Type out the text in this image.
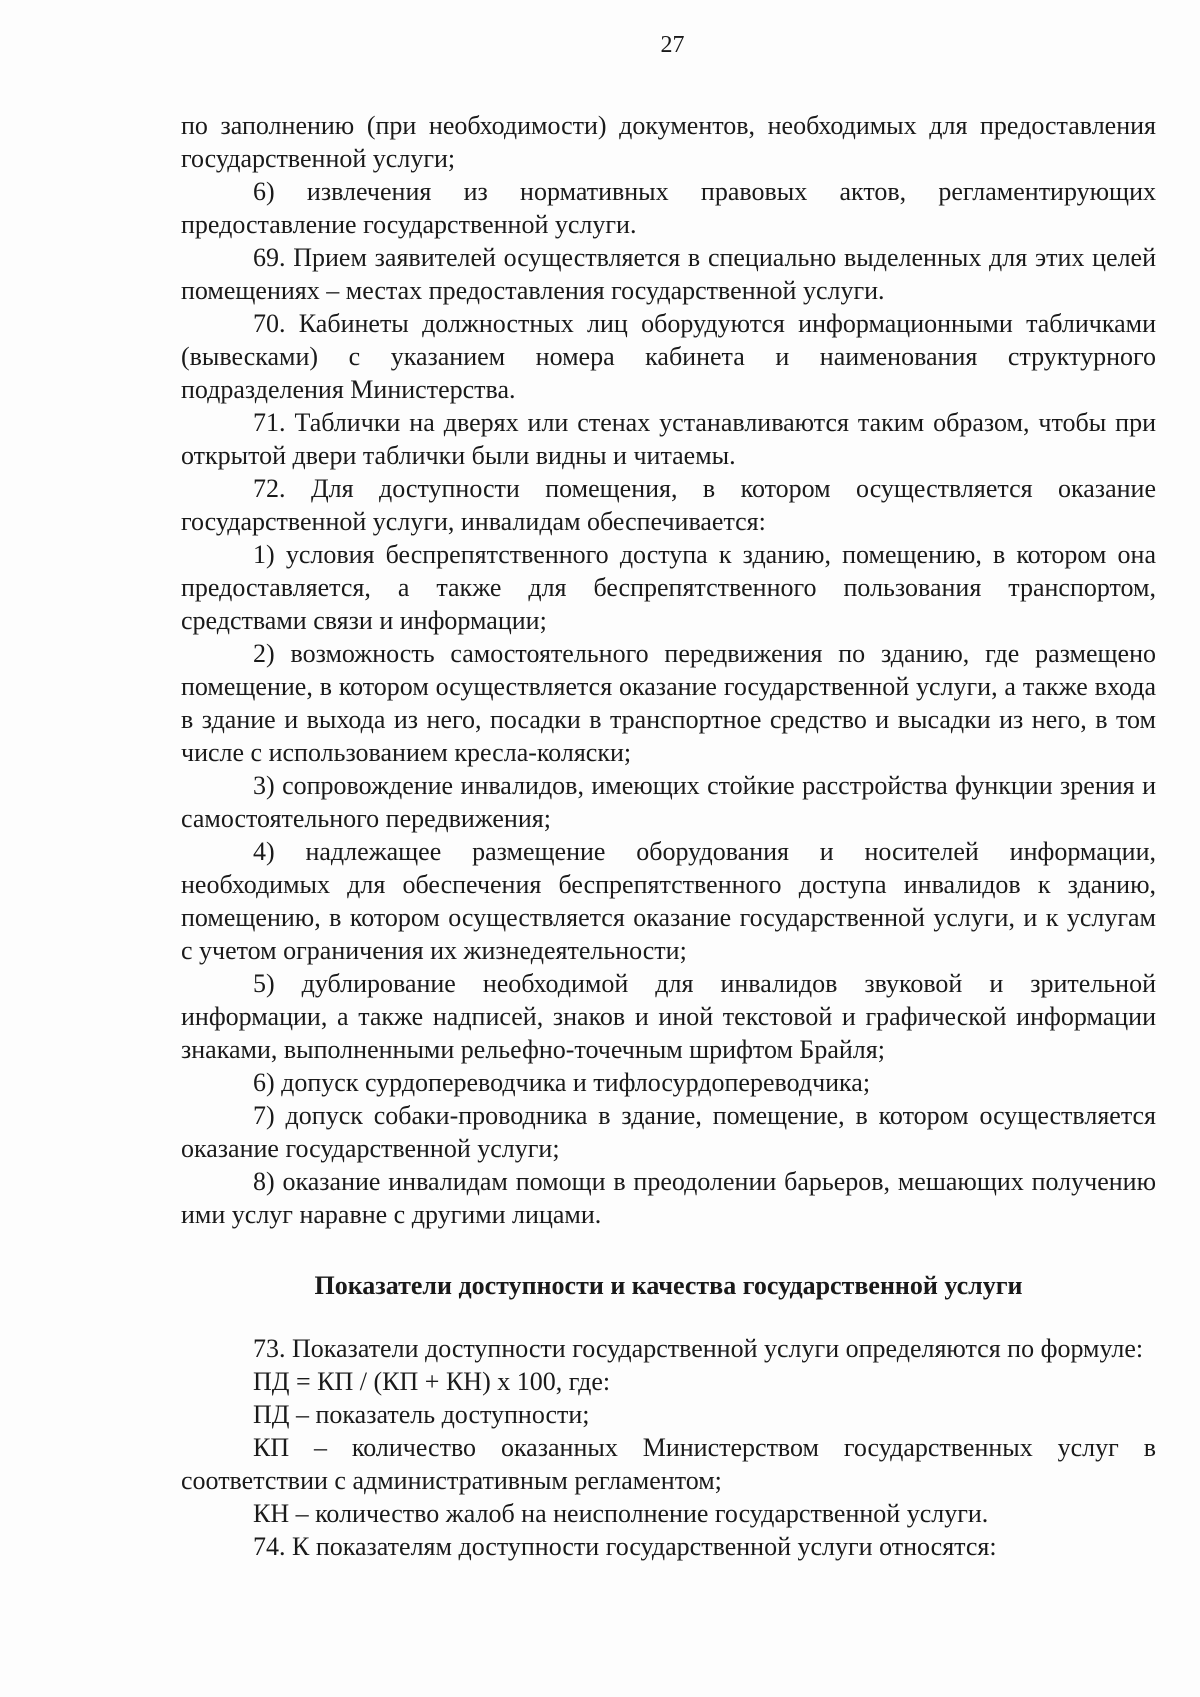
27

по заполнению (при необходимости) документов, необходимых для предоставления государственной услуги;

6) извлечения из нормативных правовых актов, регламентирующих предоставление государственной услуги.

69. Прием заявителей осуществляется в специально выделенных для этих целей помещениях – местах предоставления государственной услуги.

70. Кабинеты должностных лиц оборудуются информационными табличками (вывесками) с указанием номера кабинета и наименования структурного подразделения Министерства.

71. Таблички на дверях или стенах устанавливаются таким образом, чтобы при открытой двери таблички были видны и читаемы.

72. Для доступности помещения, в котором осуществляется оказание государственной услуги, инвалидам обеспечивается:

1) условия беспрепятственного доступа к зданию, помещению, в котором она предоставляется, а также для беспрепятственного пользования транспортом, средствами связи и информации;

2) возможность самостоятельного передвижения по зданию, где размещено помещение, в котором осуществляется оказание государственной услуги, а также входа в здание и выхода из него, посадки в транспортное средство и высадки из него, в том числе с использованием кресла-коляски;

3) сопровождение инвалидов, имеющих стойкие расстройства функции зрения и самостоятельного передвижения;

4) надлежащее размещение оборудования и носителей информации, необходимых для обеспечения беспрепятственного доступа инвалидов к зданию, помещению, в котором осуществляется оказание государственной услуги, и к услугам с учетом ограничения их жизнедеятельности;

5) дублирование необходимой для инвалидов звуковой и зрительной информации, а также надписей, знаков и иной текстовой и графической информации знаками, выполненными рельефно-точечным шрифтом Брайля;

6) допуск сурдопереводчика и тифлосурдопереводчика;

7) допуск собаки-проводника в здание, помещение, в котором осуществляется оказание государственной услуги;

8) оказание инвалидам помощи в преодолении барьеров, мешающих получению ими услуг наравне с другими лицами.

Показатели доступности и качества государственной услуги

73. Показатели доступности государственной услуги определяются по формуле:

ПД = КП / (КП + КН) х 100, где:

ПД – показатель доступности;

КП – количество оказанных Министерством государственных услуг в соответствии с административным регламентом;

КН – количество жалоб на неисполнение государственной услуги.

74. К показателям доступности государственной услуги относятся:
